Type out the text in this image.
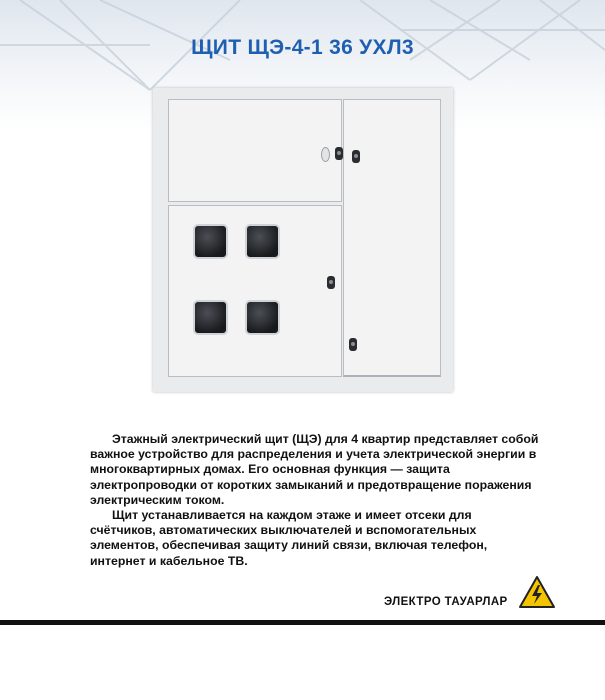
ЩИТ ЩЭ-4-1 36 УХЛ3

Этажный электрический щит (ЩЭ) для 4 квартир представляет собой важное устройство для распределения и учета электрической энергии в многоквартирных домах. Его основная функция — защита электропроводки от коротких замыканий и предотвращение поражения электрическим током.

Щит устанавливается на каждом этаже и имеет отсеки для счётчиков, автоматических выключателей и вспомогательных элементов, обеспечивая защиту линий связи, включая телефон, интернет и кабельное ТВ.

ЭЛЕКТРО ТАУАРЛАР
